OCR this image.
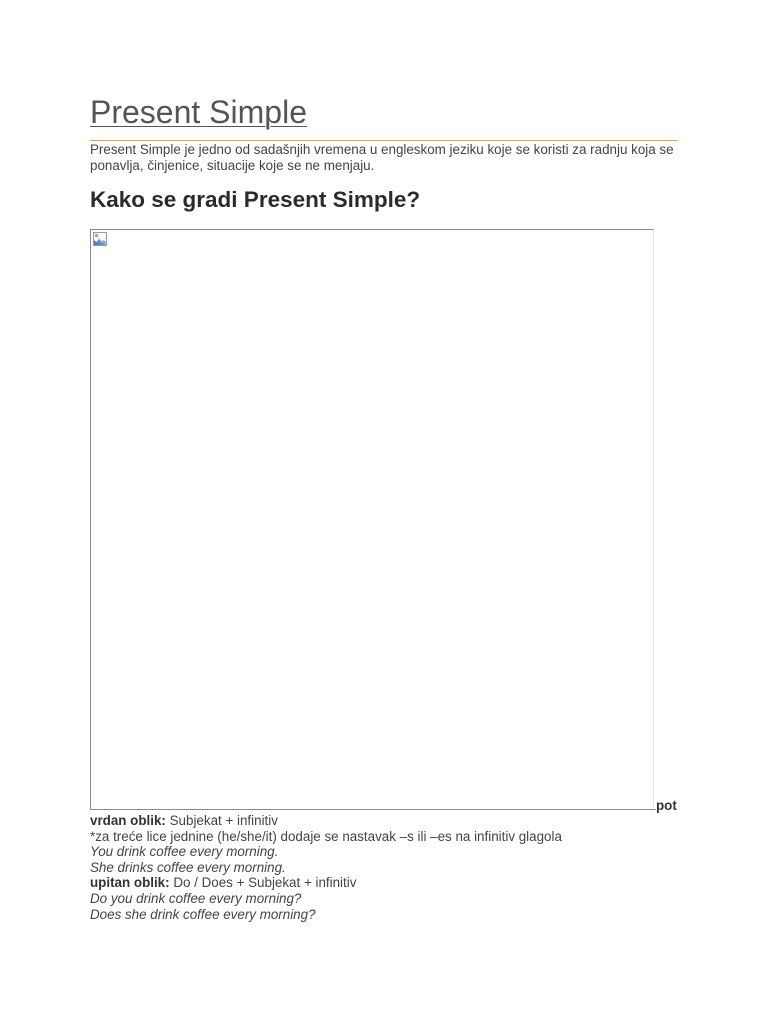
Present Simple

Present Simple je jedno od sadašnjih vremena u engleskom jeziku koje se koristi za radnju koja se ponavlja, činjenice, situacije koje se ne menjaju.

Kako se gradi Present Simple?
pot
vrdan oblik: Subjekat + infinitiv
*za treće lice jednine (he/she/it) dodaje se nastavak –s ili –es na infinitiv glagola
You drink coffee every morning.
She drinks coffee every morning.
upitan oblik: Do / Does + Subjekat + infinitiv
Do you drink coffee every morning?
Does she drink coffee every morning?
